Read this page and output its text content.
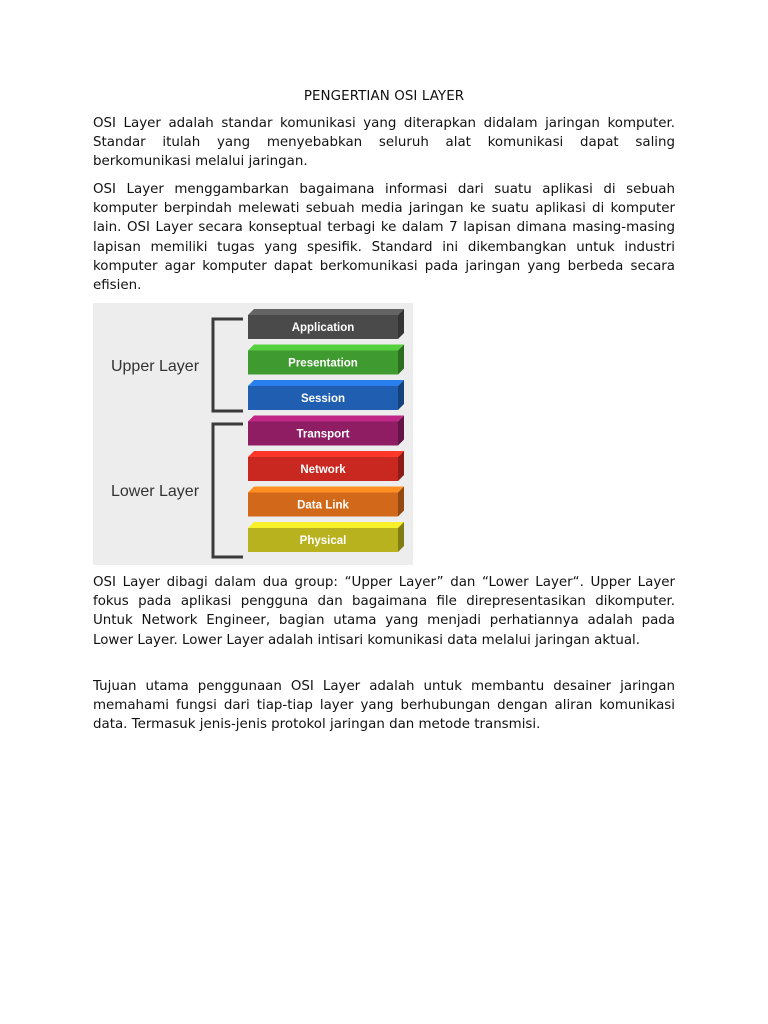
PENGERTIAN OSI LAYER

OSI Layer adalah standar komunikasi yang diterapkan didalam jaringan komputer. Standar itulah yang menyebabkan seluruh alat komunikasi dapat saling berkomunikasi melalui jaringan.

OSI Layer menggambarkan bagaimana informasi dari suatu aplikasi di sebuah komputer berpindah melewati sebuah media jaringan ke suatu aplikasi di komputer lain. OSI Layer secara konseptual terbagi ke dalam 7 lapisan dimana masing-masing lapisan memiliki tugas yang spesifik. Standard ini dikembangkan untuk industri komputer agar komputer dapat berkomunikasi pada jaringan yang berbeda secara efisien.

Upper Layer
Lower Layer
Application
Presentation
Session
Transport
Network
Data Link
Physical

OSI Layer dibagi dalam dua group: “Upper Layer” dan “Lower Layer“. Upper Layer fokus pada aplikasi pengguna dan bagaimana file direpresentasikan dikomputer. Untuk Network Engineer, bagian utama yang menjadi perhatiannya adalah pada Lower Layer. Lower Layer adalah intisari komunikasi data melalui jaringan aktual.

Tujuan utama penggunaan OSI Layer adalah untuk membantu desainer jaringan memahami fungsi dari tiap-tiap layer yang berhubungan dengan aliran komunikasi data. Termasuk jenis-jenis protokol jaringan dan metode transmisi.
